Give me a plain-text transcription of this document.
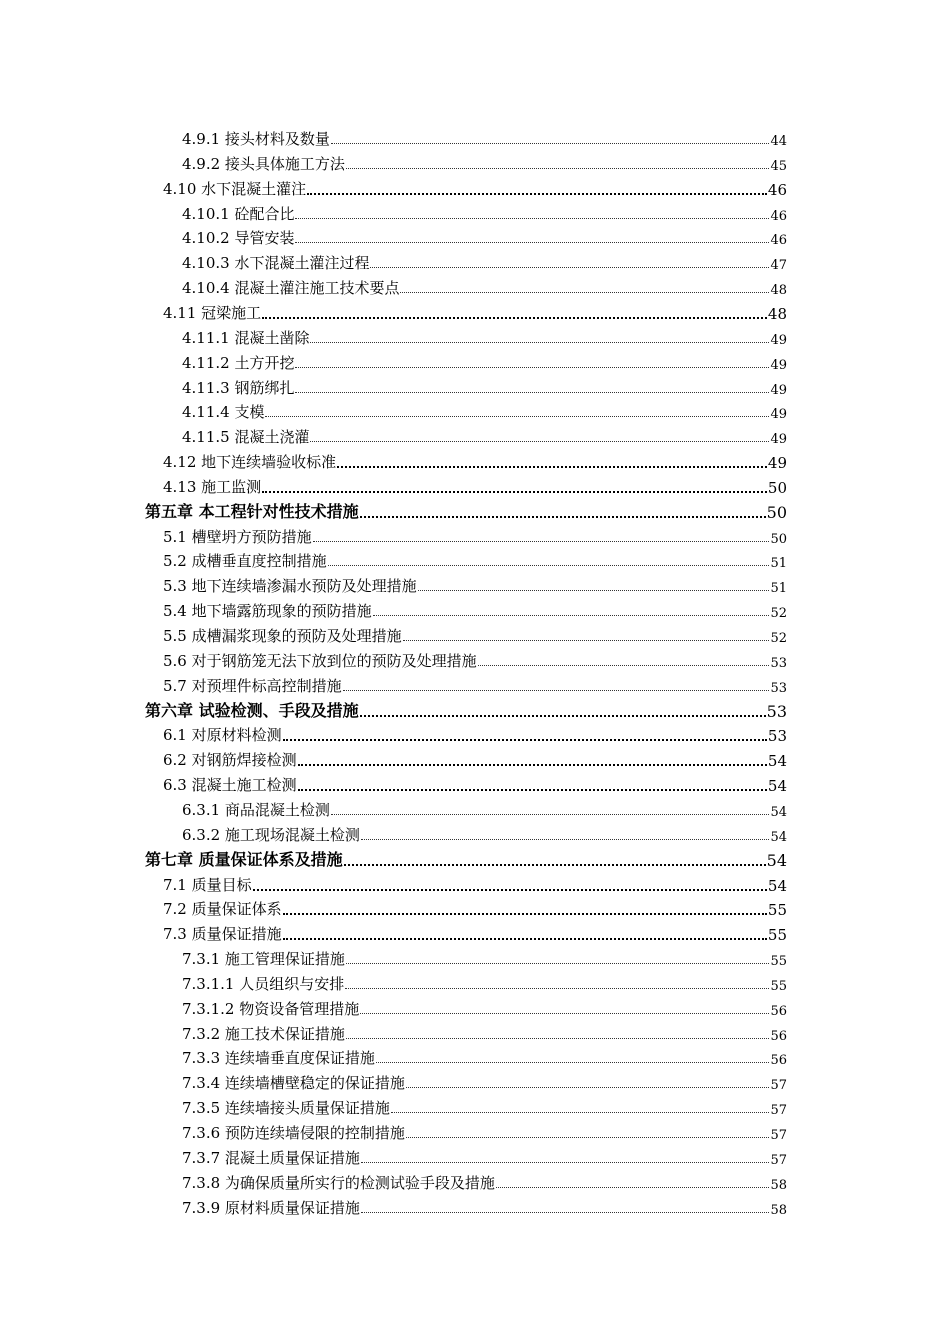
4.9.1 接头材料及数量	44
4.9.2 接头具体施工方法	45
4.10 水下混凝土灌注	46
4.10.1 砼配合比	46
4.10.2 导管安装	46
4.10.3 水下混凝土灌注过程	47
4.10.4 混凝土灌注施工技术要点	48
4.11 冠梁施工	48
4.11.1 混凝土凿除	49
4.11.2 土方开挖	49
4.11.3 钢筋绑扎	49
4.11.4 支模	49
4.11.5 混凝土浇灌	49
4.12 地下连续墙验收标准	49
4.13 施工监测	50
第五章 本工程针对性技术措施	50
5.1 槽壁坍方预防措施	50
5.2 成槽垂直度控制措施	51
5.3 地下连续墙渗漏水预防及处理措施	51
5.4 地下墙露筋现象的预防措施	52
5.5 成槽漏浆现象的预防及处理措施	52
5.6 对于钢筋笼无法下放到位的预防及处理措施	53
5.7 对预埋件标高控制措施	53
第六章 试验检测、手段及措施	53
6.1 对原材料检测	53
6.2 对钢筋焊接检测	54
6.3 混凝土施工检测	54
6.3.1 商品混凝土检测	54
6.3.2 施工现场混凝土检测	54
第七章 质量保证体系及措施	54
7.1 质量目标	54
7.2 质量保证体系	55
7.3 质量保证措施	55
7.3.1 施工管理保证措施	55
7.3.1.1 人员组织与安排	55
7.3.1.2 物资设备管理措施	56
7.3.2 施工技术保证措施	56
7.3.3 连续墙垂直度保证措施	56
7.3.4 连续墙槽壁稳定的保证措施	57
7.3.5 连续墙接头质量保证措施	57
7.3.6 预防连续墙侵限的控制措施	57
7.3.7 混凝土质量保证措施	57
7.3.8 为确保质量所实行的检测试验手段及措施	58
7.3.9 原材料质量保证措施	58
